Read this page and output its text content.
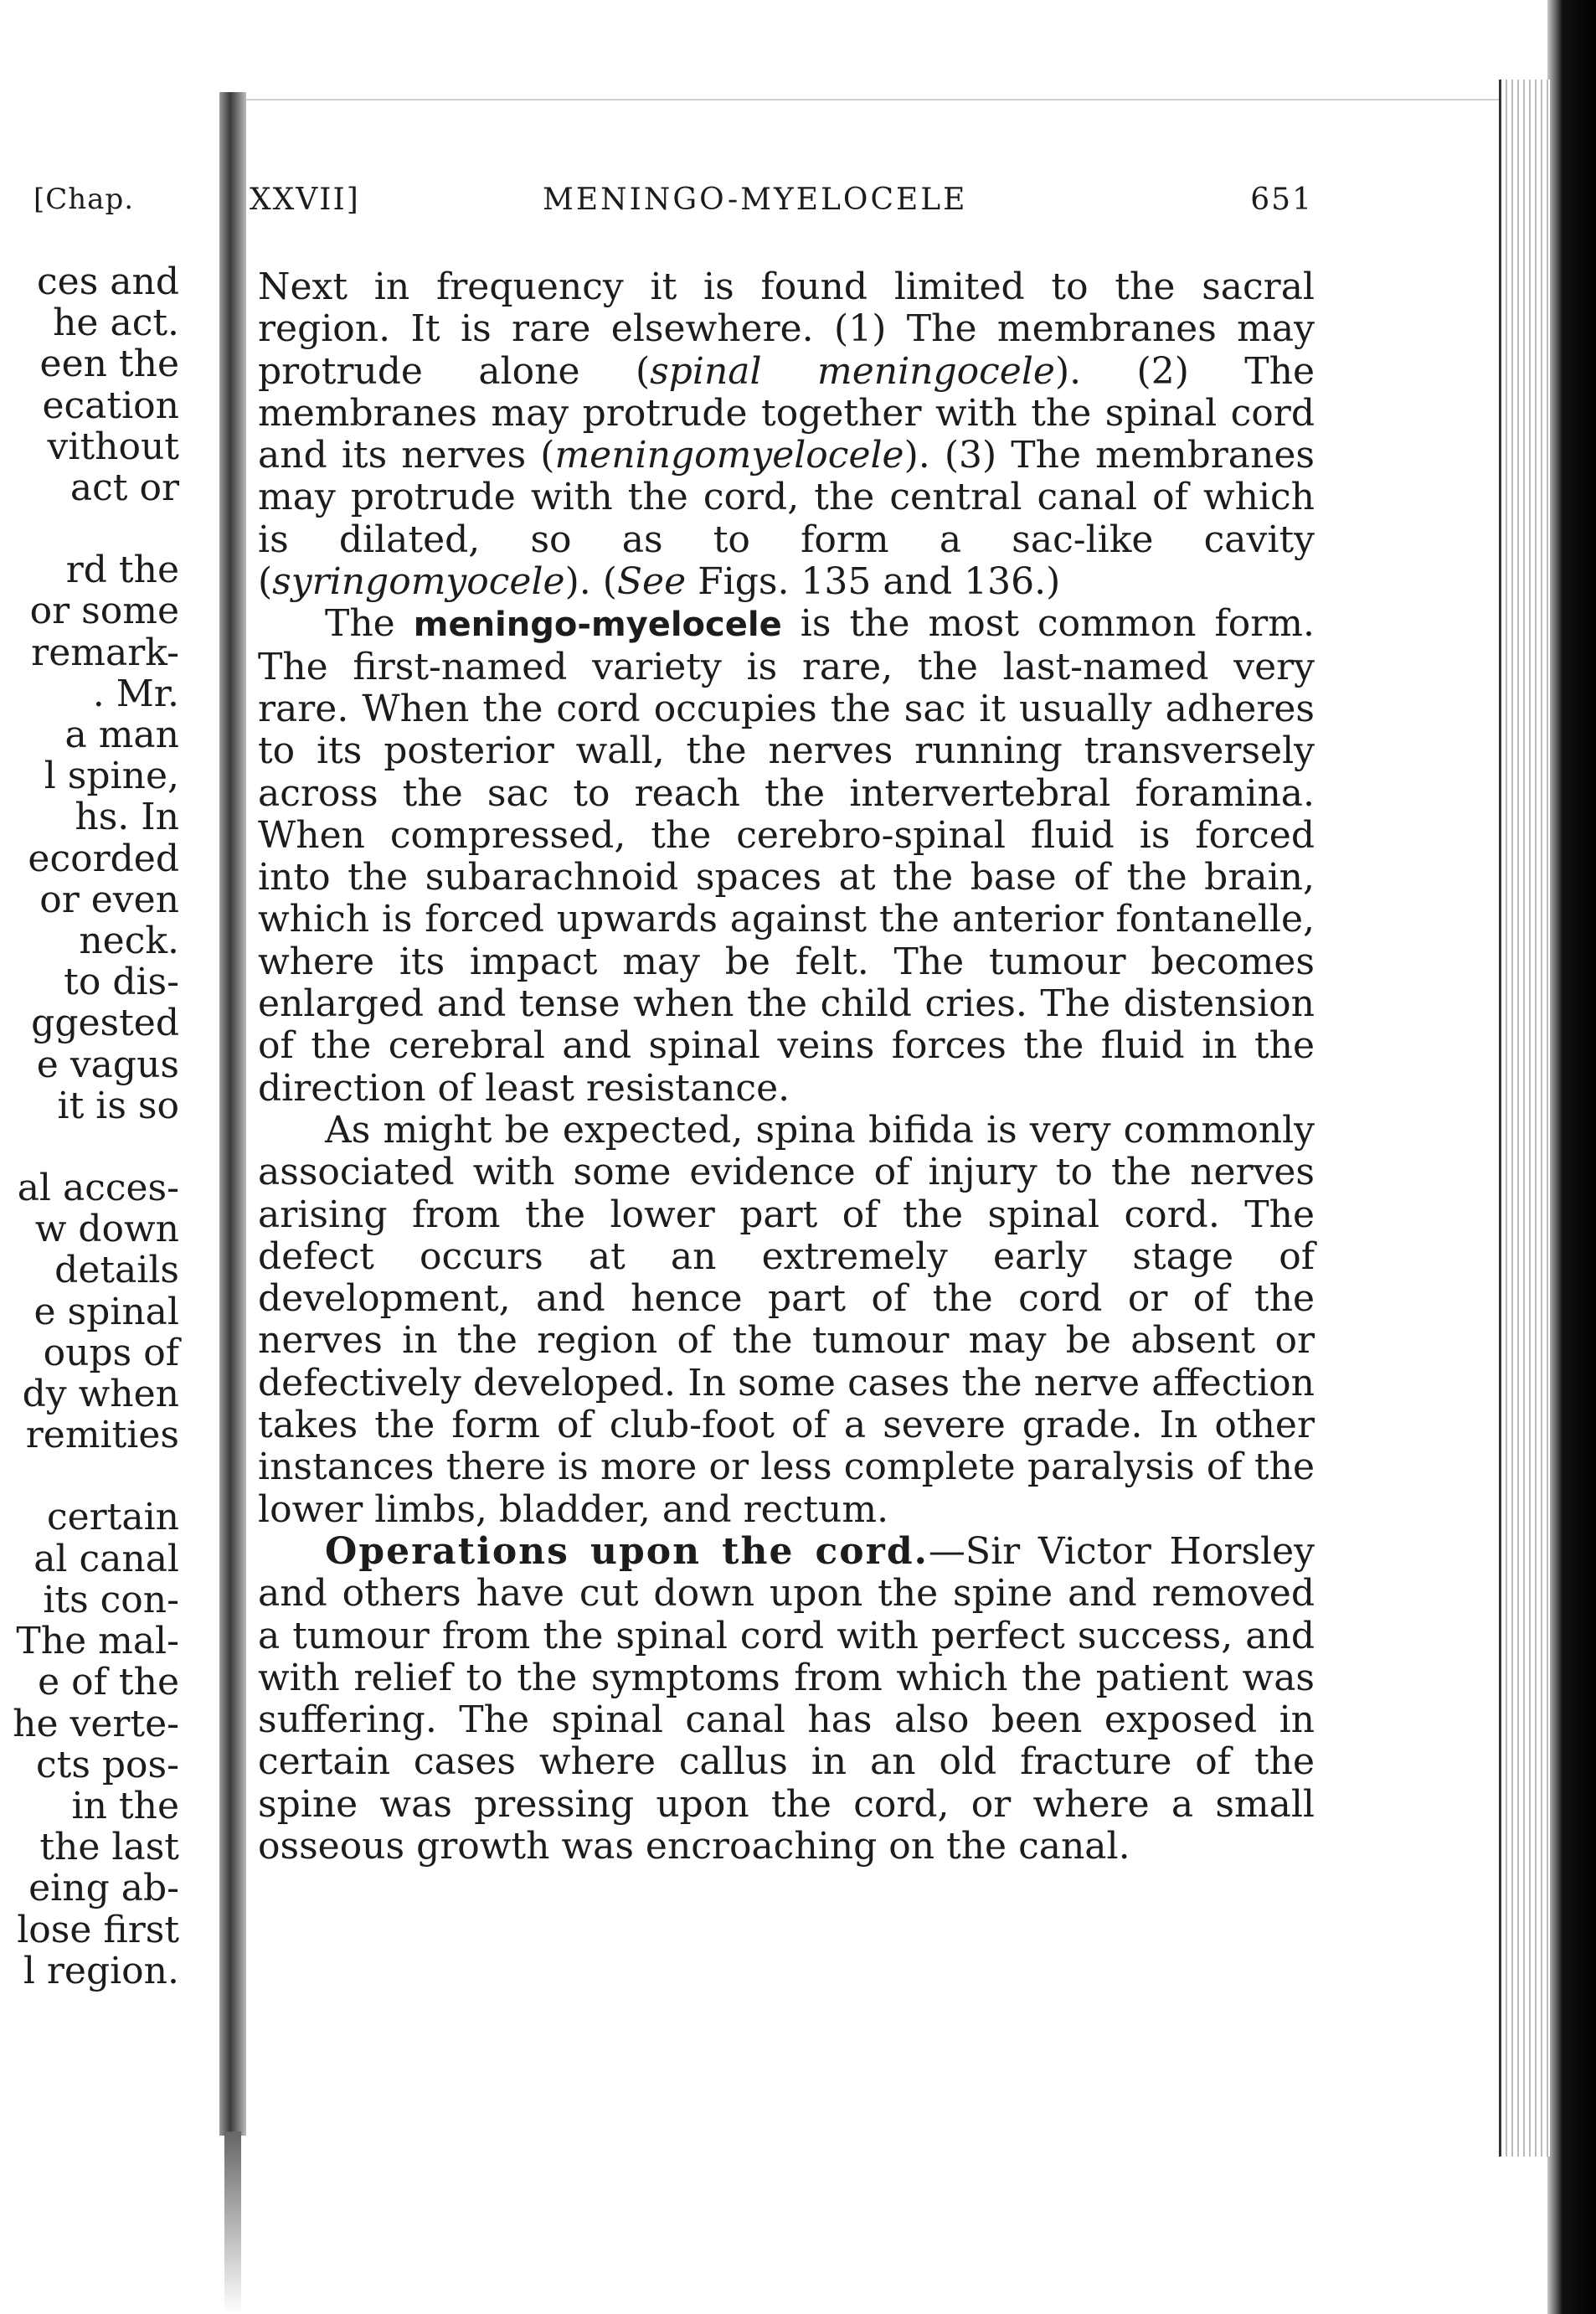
[Chap.
ces and
he act.
een the
ecation
vithout
act or
rd the
or some
remark-
. Mr.
a man
l spine,
hs. In
ecorded
or even
neck.
to dis-
ggested
e vagus
it is so
al acces-
w down
details
e spinal
oups of
dy when
remities
certain
al canal
its con-
The mal-
e of the
he verte-
cts pos-
in the
the last
eing ab-
lose first
l region.
XXVII]	MENINGO-MYELOCELE	651

Next in frequency it is found limited to the sacral region. It is rare elsewhere. (1) The membranes may protrude alone (spinal meningocele). (2) The membranes may protrude together with the spinal cord and its nerves (meningomyelocele). (3) The membranes may protrude with the cord, the central canal of which is dilated, so as to form a sac-like cavity (syringomyocele). (See Figs. 135 and 136.)

The meningo-myelocele is the most common form. The first-named variety is rare, the last-named very rare. When the cord occupies the sac it usually adheres to its posterior wall, the nerves running transversely across the sac to reach the intervertebral foramina. When compressed, the cerebro-spinal fluid is forced into the subarachnoid spaces at the base of the brain, which is forced upwards against the anterior fontanelle, where its impact may be felt. The tumour becomes enlarged and tense when the child cries. The distension of the cerebral and spinal veins forces the fluid in the direction of least resistance.

As might be expected, spina bifida is very commonly associated with some evidence of injury to the nerves arising from the lower part of the spinal cord. The defect occurs at an extremely early stage of development, and hence part of the cord or of the nerves in the region of the tumour may be absent or defectively developed. In some cases the nerve affection takes the form of club-foot of a severe grade. In other instances there is more or less complete paralysis of the lower limbs, bladder, and rectum.

Operations upon the cord.—Sir Victor Horsley and others have cut down upon the spine and removed a tumour from the spinal cord with perfect success, and with relief to the symptoms from which the patient was suffering. The spinal canal has also been exposed in certain cases where callus in an old fracture of the spine was pressing upon the cord, or where a small osseous growth was encroaching on the canal.
